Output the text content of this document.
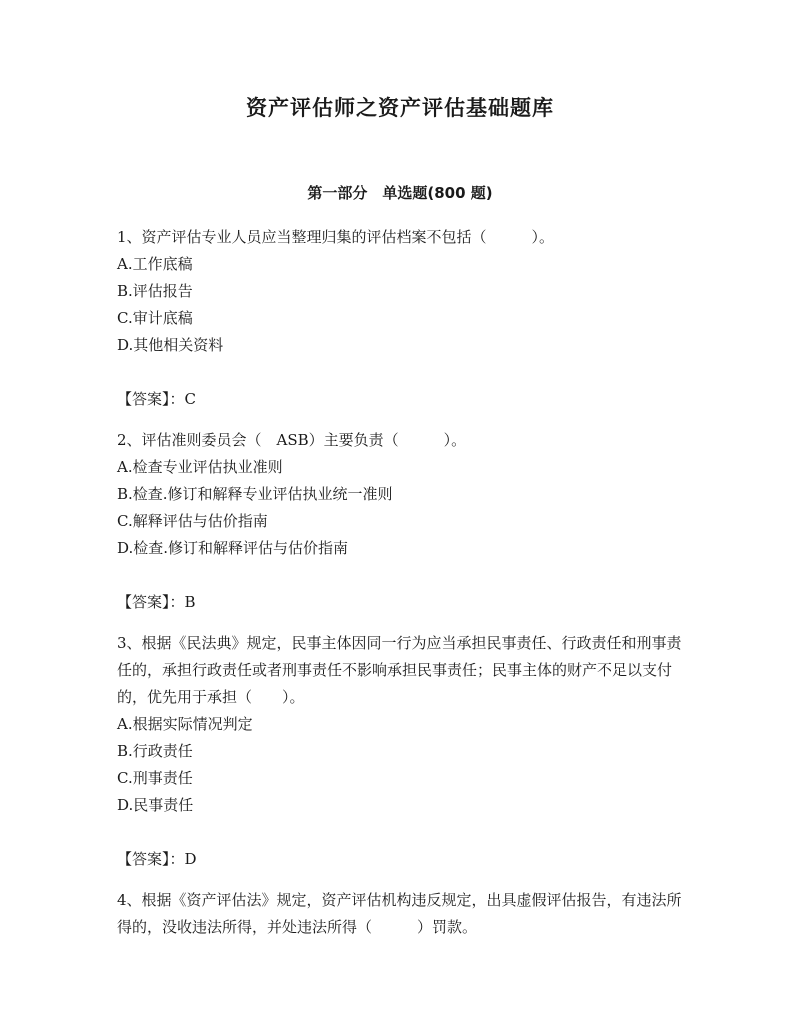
资产评估师之资产评估基础题库
第一部分　单选题(800 题)

1、资产评估专业人员应当整理归集的评估档案不包括（　　　）。

A.工作底稿

B.评估报告

C.审计底稿

D.其他相关资料

【答案】：C

2、评估准则委员会（　ASB）主要负责（　　　）。

A.检查专业评估执业准则

B.检查.修订和解释专业评估执业统一准则

C.解释评估与估价指南

D.检查.修订和解释评估与估价指南

【答案】：B

3、根据《民法典》规定，民事主体因同一行为应当承担民事责任、行政责任和刑事责任的，承担行政责任或者刑事责任不影响承担民事责任；民事主体的财产不足以支付的，优先用于承担（　　）。

A.根据实际情况判定

B.行政责任

C.刑事责任

D.民事责任

【答案】：D

4、根据《资产评估法》规定，资产评估机构违反规定，出具虚假评估报告，有违法所得的，没收违法所得，并处违法所得（　　　）罚款。
